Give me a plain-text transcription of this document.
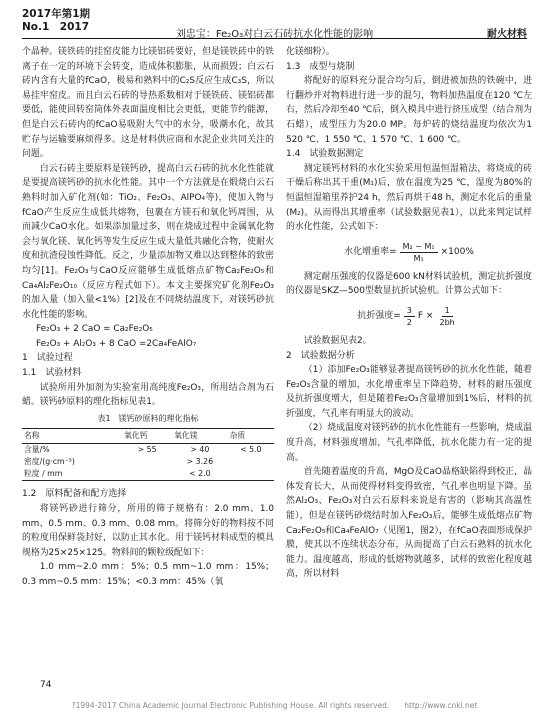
2017年第1期
No.1　2017
刘忠宝：Fe₂O₃对白云石砖抗水化性能的影响	耐火材料

个晶种。镁铁砖的挂窑皮能力比镁铝砖要好，但是镁铁砖中的铁离子在一定的环境下会转变，造成体积膨胀，从而损毁；白云石砖内含有大量的fCaO，极易和熟料中的C₂S反应生成C₃S，所以易挂牢窑皮。而且白云石砖的导热系数相对于镁铁砖、镁铝砖都要低，能使回转窑筒体外表面温度相比会更低，更能节约能源，但是白云石砖内的fCaO易吸附大气中的水分，吸潮水化，故其贮存与运输要麻烦得多。这是材料供应商和水泥企业共同关注的问题。

白云石砖主要原料是镁钙砂，提高白云石砖的抗水化性能就是要提高镁钙砂的抗水化性能。其中一个方法就是在煅烧白云石熟料时加入矿化剂(如：TiO₂、Fe₂O₃、AlPO₄等)，使加入物与fCaO产生反应生成低共熔物，包裹在方镁石和氧化钙周围，从而减少CaO水化。如果添加量过多，则在烧成过程中金属氧化物会与氧化镁、氧化钙等发生反应生成大量低共融化合物，使耐火度和抗渣侵蚀性降低。反之，少量添加物又难以达到整体的致密均匀[1]。Fe₂O₃与CaO反应能够生成低熔点矿物Ca₂Fe₂O₅和Ca₄Al₂Fe₂O₁₀（反应方程式如下）。本文主要探究矿化剂Fe₂O₃的加入量（加入量<1%）[2]及在不同烧结温度下，对镁钙砂抗水化性能的影响。

Fe₂O₃ + 2 CaO = Ca₂Fe₂O₅

Fe₂O₃ + Al₂O₃ + 8 CaO =2Ca₄FeAlO₇

1　试验过程

1.1　试验材料

试验所用外加剂为实验室用高纯度Fe₂O₃，所用结合剂为石蜡。镁钙砂原料的理化指标见表1。

表1　镁钙砂原料的理化指标
名称	氧化钙	氧化镁	杂质
含量/%	> 55	> 40	< 5.0
密度/(g·cm⁻³)		> 3.26	
粒度 / mm		< 2.0	

1.2　原料配备和配方选择

将镁钙砂进行筛分，所用的筛子规格有：2.0 mm、1.0 mm、0.5 mm、0.3 mm、0.08 mm。将筛分好的物料按不同的粒度用保鲜袋封好，以防止其水化。用于镁钙材料成型的模具规格为25×25×125。物料间的颗粒级配如下：

1.0 mm~2.0 mm：5%；0.5 mm~1.0 mm：15%；0.3 mm~0.5 mm：15%；<0.3 mm：45%（氧

化镁细粉）。

1.3　成型与烧制

将配好的原料充分混合均匀后，倒进被加热的铁碗中，进行翻炒并对物料进行进一步的混匀，物料加热温度在120 ℃左右，然后冷却至40 ℃后，倒入模具中进行挤压成型（结合剂为石蜡），成型压力为20.0 MP。每炉砖的烧结温度均依次为1 520 ℃、1 550 ℃、1 570 ℃、1 600 ℃。

1.4　试验数据测定

测定镁钙材料的水化实验采用恒温恒湿箱法，将烧成的砖干燥后称出其干重(M₁)后，放在温度为25 ℃，湿度为80%的恒温恒湿箱里养护24 h，然后再烘干48 h，测定水化后的重量(M₂)。从而得出其增重率（试验数据见表1），以此来判定试样的水化性能，公式如下：

水化增重率= $\frac{\text{M₂ − M₁}}{\text{M₁}} \times 100\%$

测定耐压强度的仪器是600 kN材料试验机，测定抗折强度的仪器是SKZ—500型数显抗折试验机。计算公式如下：

抗折强度= $\frac{3}{2}$ $F \times \frac{1}{2bh}$

试验数据见表2。

2　试验数据分析

（1）添加Fe₂O₃能够显著提高镁钙砂的抗水化性能，随着Fe₂O₃含量的增加，水化增重率呈下降趋势，材料的耐压强度及抗折强度增大，但是随着Fe₂O₃含量增加到1%后，材料的抗折强度，气孔率有明显大的波动。

（2）烧成温度对镁钙砂的抗水化性能有一些影响，烧成温度升高，材料强度增加，气孔率降低，抗水化能力有一定的提高。

首先随着温度的升高，MgO及CaO晶格缺陷得到校正，晶体发育长大，从而使得材料变得致密，气孔率也明显下降。虽然Al₂O₃、Fe₂O₃对白云石原料来说是有害的（影响其高温性能），但是在镁钙砂烧结时加入Fe₂O₃后，能够生成低熔点矿物Ca₂Fe₂O₅和Ca₄FeAlO₇（见图1，图2），在fCaO表面形成保护膜，使其以不连续状态分布，从而提高了白云石熟料的抗水化能力。温度越高，形成的低熔物就越多，试样的致密化程度越高，所以材料

74
?1994-2017 China Academic Journal Electronic Publishing House. All rights reserved.　　http://www.cnki.net
